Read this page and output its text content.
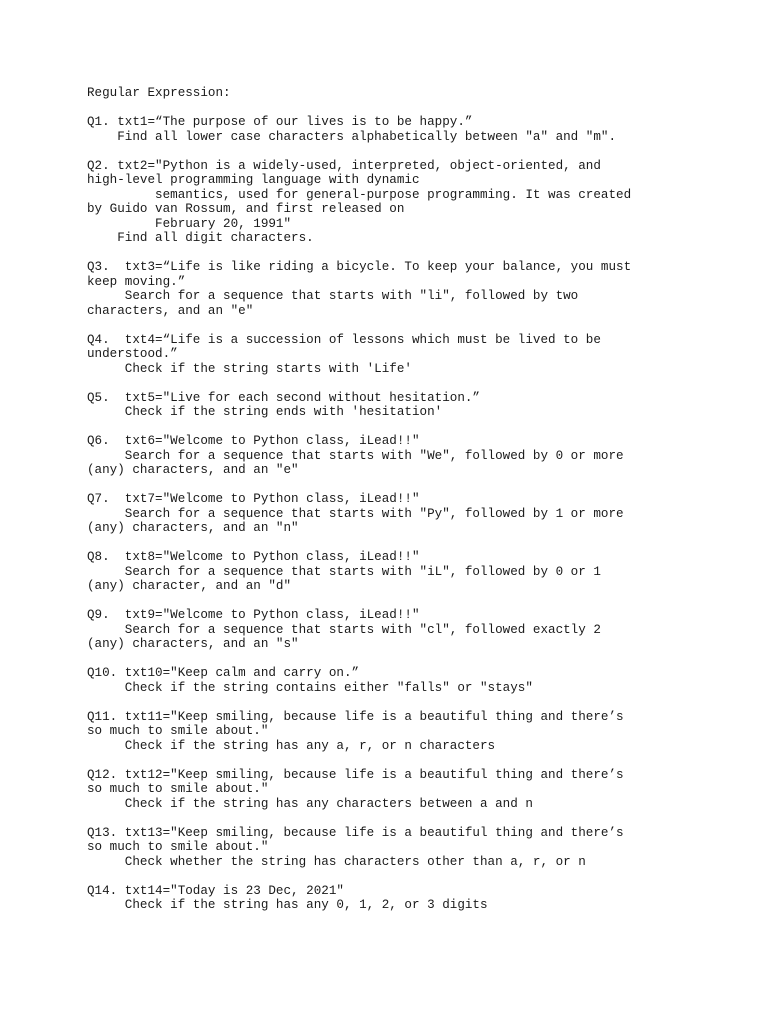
Regular Expression:
Q1. txt1=“The purpose of our lives is to be happy.”
Find all lower case characters alphabetically between "a" and "m".
Q2. txt2="Python is a widely-used, interpreted, object-oriented, and
high-level programming language with dynamic
semantics, used for general-purpose programming. It was created
by Guido van Rossum, and first released on
February 20, 1991"
Find all digit characters.
Q3.  txt3=“Life is like riding a bicycle. To keep your balance, you must
keep moving.”
Search for a sequence that starts with "li", followed by two
characters, and an "e"
Q4.  txt4=“Life is a succession of lessons which must be lived to be
understood.”
Check if the string starts with 'Life'
Q5.  txt5="Live for each second without hesitation.”
Check if the string ends with 'hesitation'
Q6.  txt6="Welcome to Python class, iLead!!"
Search for a sequence that starts with "We", followed by 0 or more
(any) characters, and an "e"
Q7.  txt7="Welcome to Python class, iLead!!"
Search for a sequence that starts with "Py", followed by 1 or more
(any) characters, and an "n"
Q8.  txt8="Welcome to Python class, iLead!!"
Search for a sequence that starts with "iL", followed by 0 or 1
(any) character, and an "d"
Q9.  txt9="Welcome to Python class, iLead!!"
Search for a sequence that starts with "cl", followed exactly 2
(any) characters, and an "s"
Q10. txt10="Keep calm and carry on.”
Check if the string contains either "falls" or "stays"
Q11. txt11="Keep smiling, because life is a beautiful thing and there’s
so much to smile about."
Check if the string has any a, r, or n characters
Q12. txt12="Keep smiling, because life is a beautiful thing and there’s
so much to smile about."
Check if the string has any characters between a and n
Q13. txt13="Keep smiling, because life is a beautiful thing and there’s
so much to smile about."
Check whether the string has characters other than a, r, or n
Q14. txt14="Today is 23 Dec, 2021"
Check if the string has any 0, 1, 2, or 3 digits
